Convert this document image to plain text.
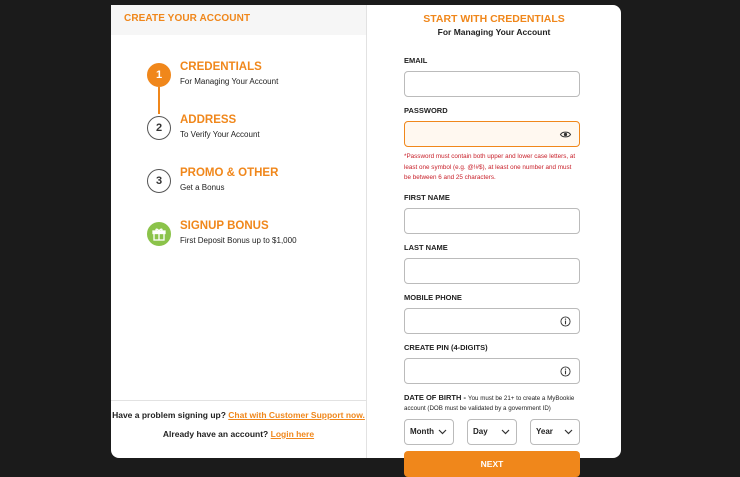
CREATE YOUR ACCOUNT
1
CREDENTIALS
For Managing Your Account
2
ADDRESS
To Verify Your Account
3
PROMO & OTHER
Get a Bonus
SIGNUP BONUS
First Deposit Bonus up to $1,000
Have a problem signing up? Chat with Customer Support now.
Already have an account? Login here
START WITH CREDENTIALS
For Managing Your Account
EMAIL
PASSWORD
*Password must contain both upper and lower case letters, at least one symbol (e.g. @!#$), at least one number and must be between 6 and 25 characters.
FIRST NAME
LAST NAME
MOBILE PHONE
CREATE PIN (4-DIGITS)
DATE OF BIRTH - You must be 21+ to create a MyBookie account (DOB must be validated by a government ID)
Month	Day	Year
NEXT
